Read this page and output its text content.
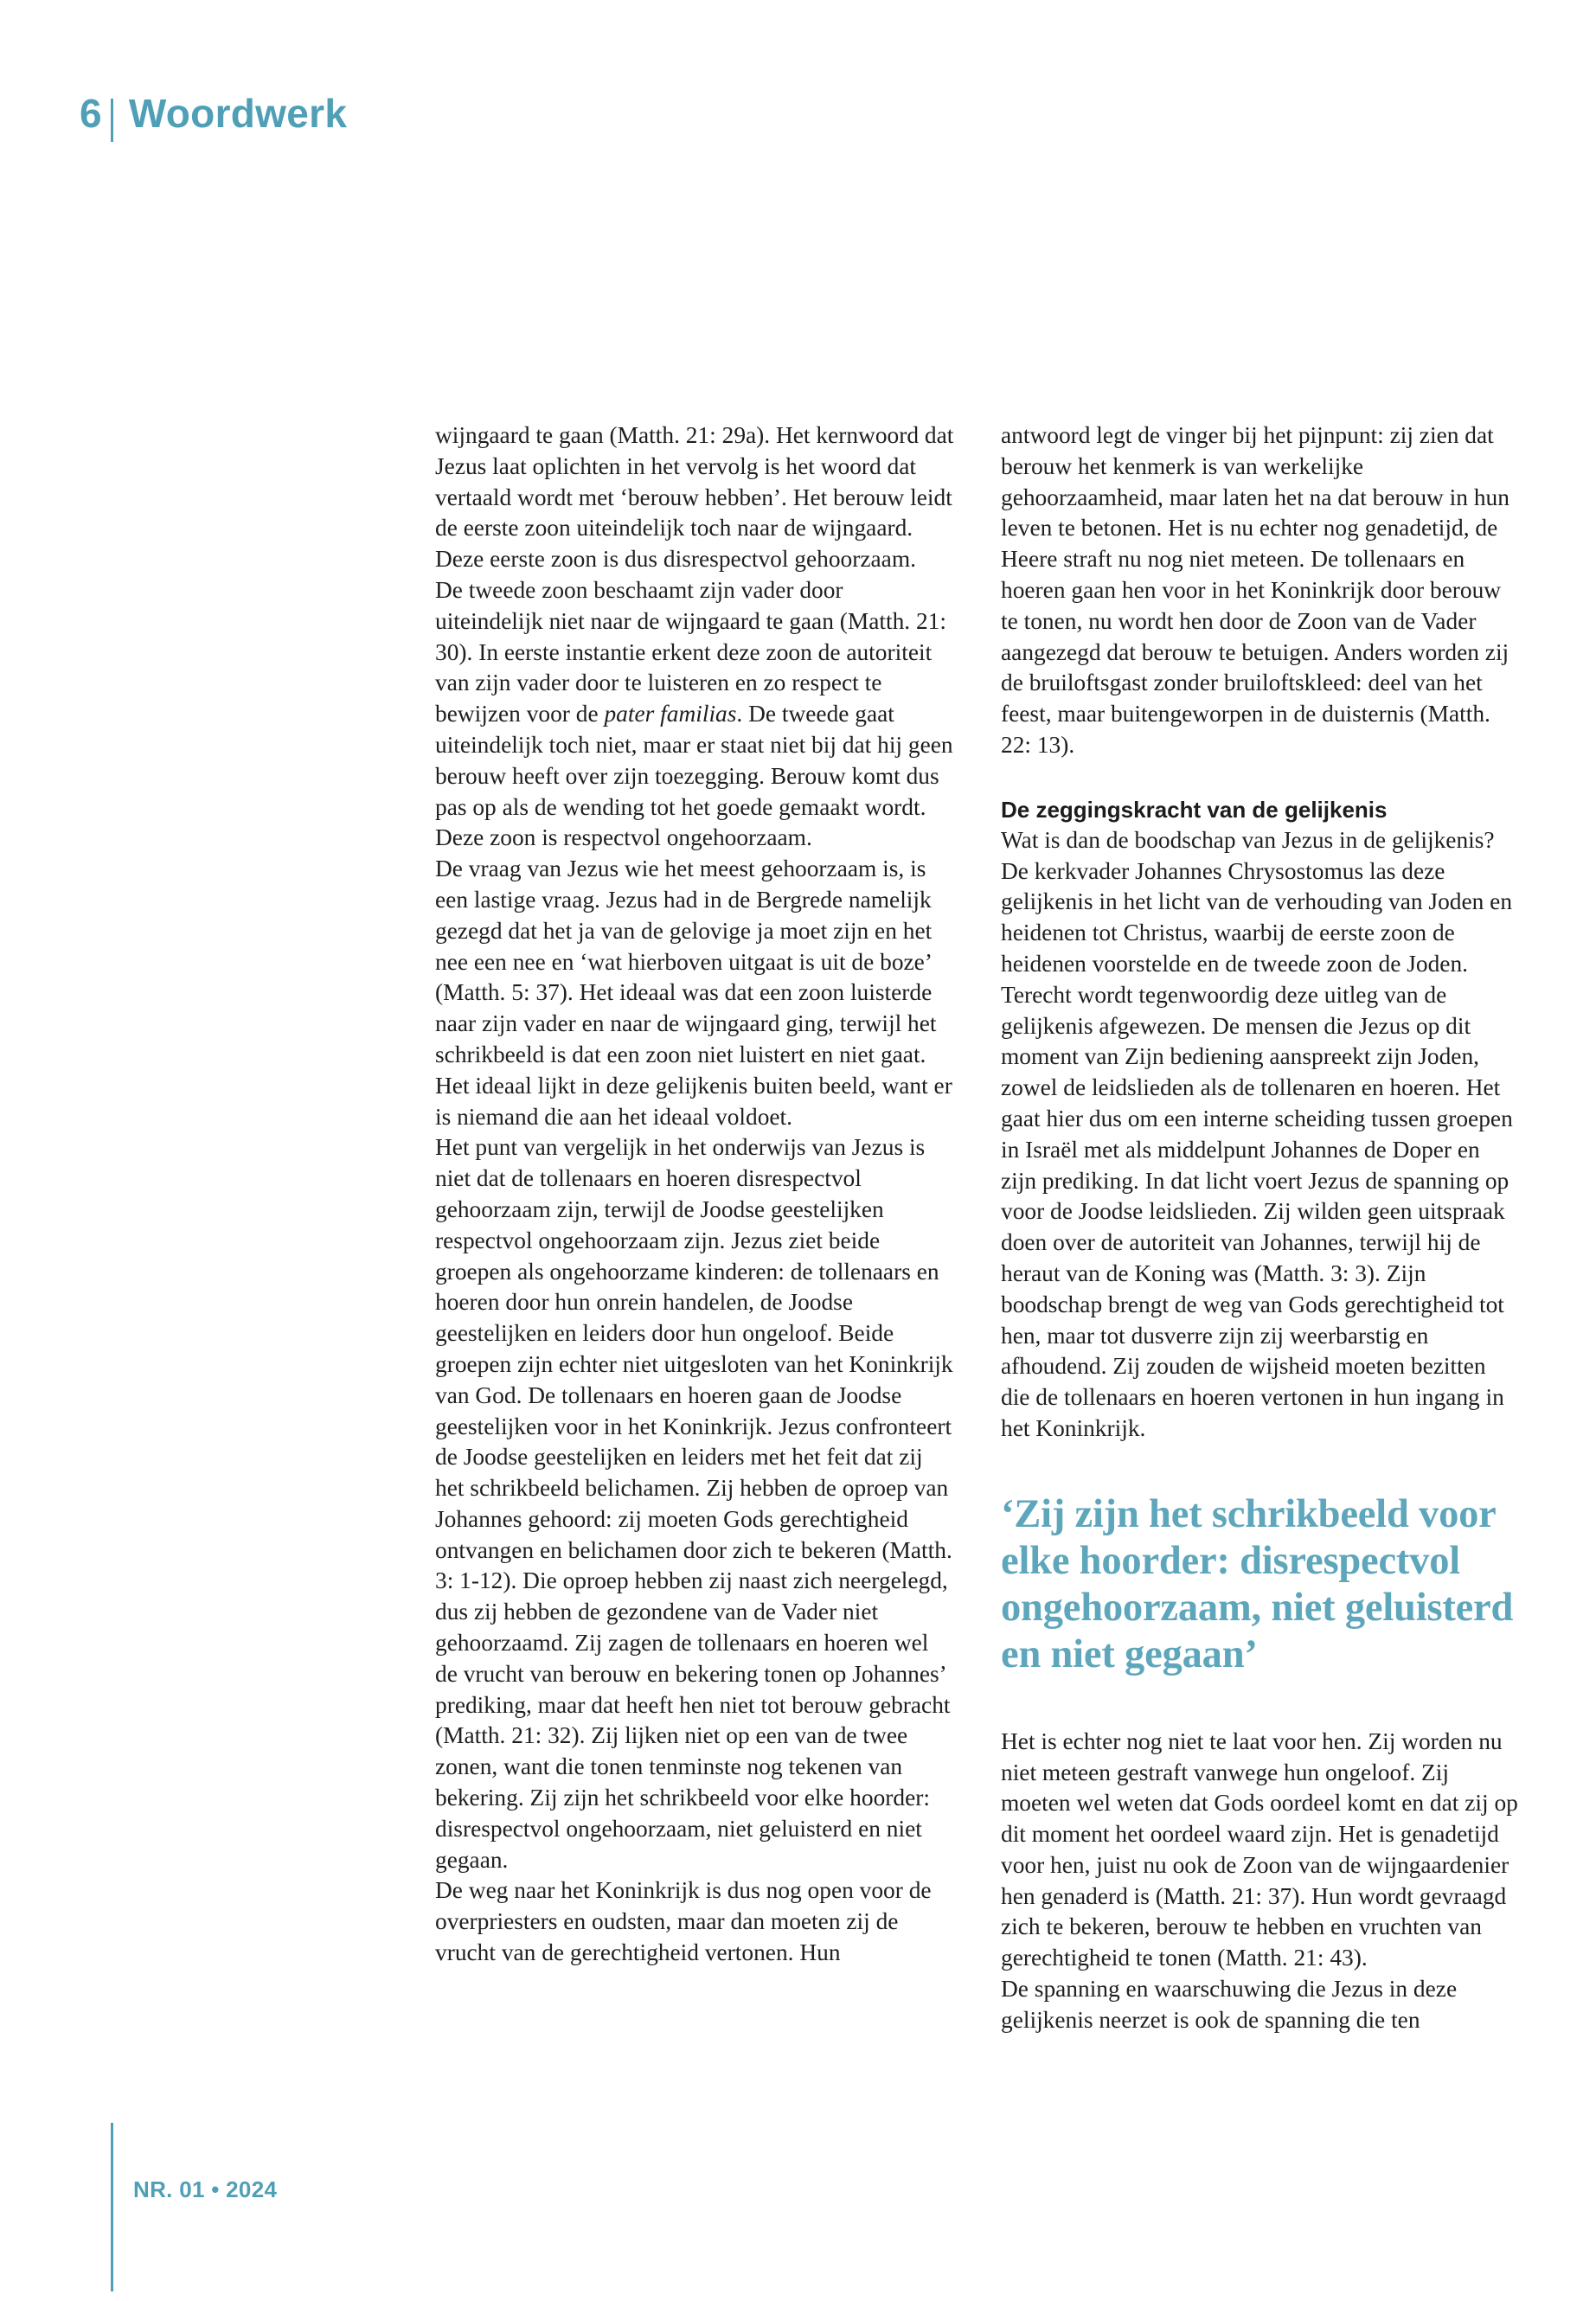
6 Woordwerk

wijngaard te gaan (Matth. 21: 29a). Het kernwoord dat Jezus laat oplichten in het vervolg is het woord dat vertaald wordt met ‘berouw hebben’. Het berouw leidt de eerste zoon uiteindelijk toch naar de wijngaard. Deze eerste zoon is dus disrespectvol gehoorzaam.

De tweede zoon beschaamt zijn vader door uiteindelijk niet naar de wijngaard te gaan (Matth. 21: 30). In eerste instantie erkent deze zoon de autoriteit van zijn vader door te luisteren en zo respect te bewijzen voor de pater familias. De tweede gaat uiteindelijk toch niet, maar er staat niet bij dat hij geen berouw heeft over zijn toezegging. Berouw komt dus pas op als de wending tot het goede gemaakt wordt. Deze zoon is respectvol ongehoorzaam.

De vraag van Jezus wie het meest gehoorzaam is, is een lastige vraag. Jezus had in de Bergrede namelijk gezegd dat het ja van de gelovige ja moet zijn en het nee een nee en ‘wat hierboven uitgaat is uit de boze’ (Matth. 5: 37). Het ideaal was dat een zoon luisterde naar zijn vader en naar de wijngaard ging, terwijl het schrikbeeld is dat een zoon niet luistert en niet gaat. Het ideaal lijkt in deze gelijkenis buiten beeld, want er is niemand die aan het ideaal voldoet.

Het punt van vergelijk in het onderwijs van Jezus is niet dat de tollenaars en hoeren disrespectvol gehoorzaam zijn, terwijl de Joodse geestelijken respectvol ongehoorzaam zijn. Jezus ziet beide groepen als ongehoorzame kinderen: de tollenaars en hoeren door hun onrein handelen, de Joodse geestelijken en leiders door hun ongeloof. Beide groepen zijn echter niet uitgesloten van het Koninkrijk van God. De tollenaars en hoeren gaan de Joodse geestelijken voor in het Koninkrijk. Jezus confronteert de Joodse geestelijken en leiders met het feit dat zij het schrikbeeld belichamen. Zij hebben de oproep van Johannes gehoord: zij moeten Gods gerechtigheid ontvangen en belichamen door zich te bekeren (Matth. 3: 1-12). Die oproep hebben zij naast zich neergelegd, dus zij hebben de gezondene van de Vader niet gehoorzaamd. Zij zagen de tollenaars en hoeren wel de vrucht van berouw en bekering tonen op Johannes’ prediking, maar dat heeft hen niet tot berouw gebracht (Matth. 21: 32). Zij lijken niet op een van de twee zonen, want die tonen tenminste nog tekenen van bekering. Zij zijn het schrikbeeld voor elke hoorder: disrespectvol ongehoorzaam, niet geluisterd en niet gegaan.

De weg naar het Koninkrijk is dus nog open voor de overpriesters en oudsten, maar dan moeten zij de vrucht van de gerechtigheid vertonen. Hun

antwoord legt de vinger bij het pijnpunt: zij zien dat berouw het kenmerk is van werkelijke gehoorzaamheid, maar laten het na dat berouw in hun leven te betonen. Het is nu echter nog genadetijd, de Heere straft nu nog niet meteen. De tollenaars en hoeren gaan hen voor in het Koninkrijk door berouw te tonen, nu wordt hen door de Zoon van de Vader aangezegd dat berouw te betuigen. Anders worden zij de bruiloftsgast zonder bruiloftskleed: deel van het feest, maar buitengeworpen in de duisternis (Matth. 22: 13).

De zeggingskracht van de gelijkenis

Wat is dan de boodschap van Jezus in de gelijkenis? De kerkvader Johannes Chrysostomus las deze gelijkenis in het licht van de verhouding van Joden en heidenen tot Christus, waarbij de eerste zoon de heidenen voorstelde en de tweede zoon de Joden. Terecht wordt tegenwoordig deze uitleg van de gelijkenis afgewezen. De mensen die Jezus op dit moment van Zijn bediening aanspreekt zijn Joden, zowel de leidslieden als de tollenaren en hoeren. Het gaat hier dus om een interne scheiding tussen groepen in Israël met als middelpunt Johannes de Doper en zijn prediking. In dat licht voert Jezus de spanning op voor de Joodse leidslieden. Zij wilden geen uitspraak doen over de autoriteit van Johannes, terwijl hij de heraut van de Koning was (Matth. 3: 3). Zijn boodschap brengt de weg van Gods gerechtigheid tot hen, maar tot dusverre zijn zij weerbarstig en afhoudend. Zij zouden de wijsheid moeten bezitten die de tollenaars en hoeren vertonen in hun ingang in het Koninkrijk.

‘Zij zijn het schrikbeeld voor elke hoorder: disrespectvol ongehoorzaam, niet geluisterd en niet gegaan’

Het is echter nog niet te laat voor hen. Zij worden nu niet meteen gestraft vanwege hun ongeloof. Zij moeten wel weten dat Gods oordeel komt en dat zij op dit moment het oordeel waard zijn. Het is genadetijd voor hen, juist nu ook de Zoon van de wijngaardenier hen genaderd is (Matth. 21: 37). Hun wordt gevraagd zich te bekeren, berouw te hebben en vruchten van gerechtigheid te tonen (Matth. 21: 43).

De spanning en waarschuwing die Jezus in deze gelijkenis neerzet is ook de spanning die ten

NR. 01 • 2024
